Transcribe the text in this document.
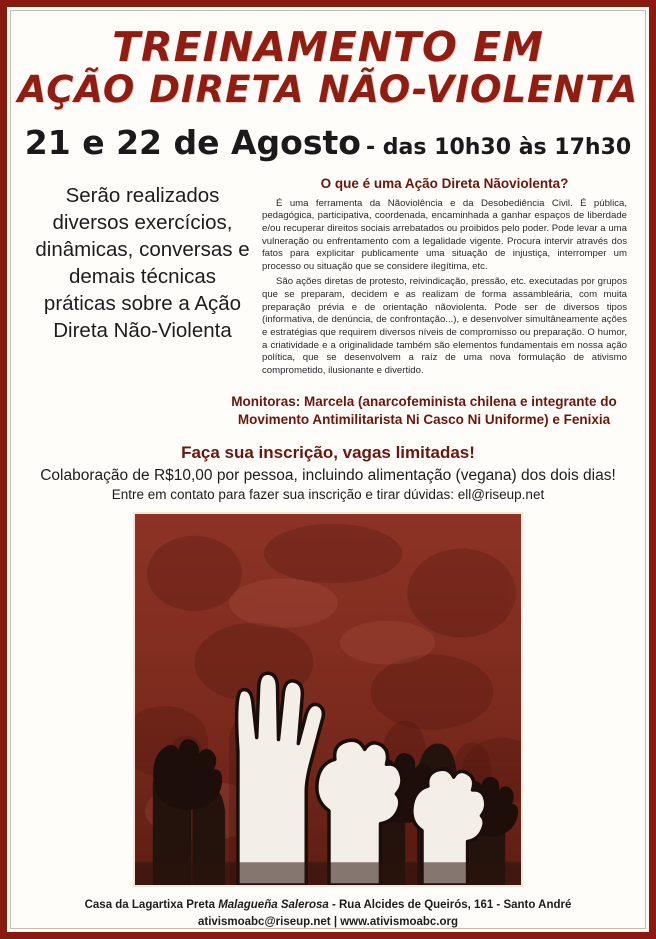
TREINAMENTO EM
AÇÃO DIRETA NÃO-VIOLENTA
21 e 22 de Agosto - das 10h30 às 17h30

Serão realizados diversos exercícios, dinâmicas, conversas e demais técnicas práticas sobre a Ação Direta Não-Violenta

O que é uma Ação Direta Nãoviolenta?

É uma ferramenta da Nãoviolência e da Desobediência Civil. É pública, pedagógica, participativa, coordenada, encaminhada a ganhar espaços de liberdade e/ou recuperar direitos sociais arrebatados ou proibidos pelo poder. Pode levar a uma vulneração ou enfrentamento com a legalidade vigente. Procura intervir através dos fatos para explicitar publicamente uma situação de injustiça, interromper um processo ou situação que se considere ilegítima, etc.

São ações diretas de protesto, reivindicação, pressão, etc. executadas por grupos que se preparam, decidem e as realizam de forma assambleária, com muita preparação prévia e de orientação nãoviolenta. Pode ser de diversos tipos (informativa, de denúncia, de confrontação...), e desenvolver simultâneamente ações e estratégias que requirem diversos níveis de compromisso ou preparação. O humor, a criatividade e a originalidade também são elementos fundamentais em nossa ação política, que se desenvolvem a raíz de uma nova formulação de ativismo comprometido, ilusionante e divertido.

Monitoras: Marcela (anarcofeminista chilena e integrante do
Movimento Antimilitarista Ni Casco Ni Uniforme) e Fenixia
Faça sua inscrição, vagas limitadas!
Colaboração de R$10,00 por pessoa, incluindo alimentação (vegana) dos dois dias!
Entre em contato para fazer sua inscrição e tirar dúvidas: ell@riseup.net
Casa da Lagartixa Preta Malagueña Salerosa - Rua Alcides de Queirós, 161 - Santo André
ativismoabc@riseup.net | www.ativismoabc.org
